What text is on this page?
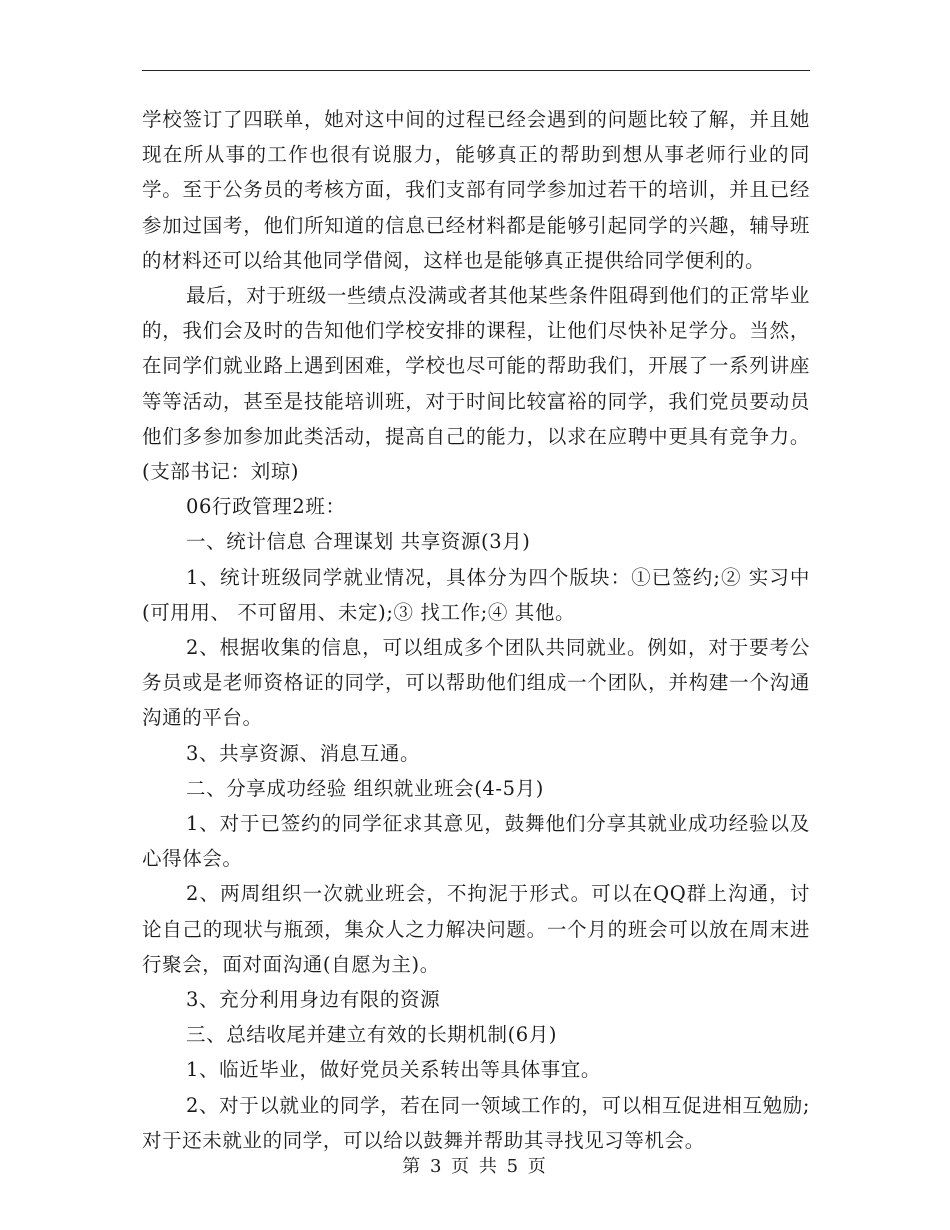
学校签订了四联单，她对这中间的过程已经会遇到的问题比较了解，并且她现在所从事的工作也很有说服力，能够真正的帮助到想从事老师行业的同学。至于公务员的考核方面，我们支部有同学参加过若干的培训，并且已经参加过国考，他们所知道的信息已经材料都是能够引起同学的兴趣，辅导班的材料还可以给其他同学借阅，这样也是能够真正提供给同学便利的。

最后，对于班级一些绩点没满或者其他某些条件阻碍到他们的正常毕业的，我们会及时的告知他们学校安排的课程，让他们尽快补足学分。当然，在同学们就业路上遇到困难，学校也尽可能的帮助我们，开展了一系列讲座等等活动，甚至是技能培训班，对于时间比较富裕的同学，我们党员要动员他们多参加参加此类活动，提高自己的能力，以求在应聘中更具有竞争力。(支部书记：刘琼)

06行政管理2班：

一、统计信息 合理谋划 共享资源(3月)

1、统计班级同学就业情况，具体分为四个版块：①已签约;② 实习中(可用用、 不可留用、未定);③ 找工作;④ 其他。

2、根据收集的信息，可以组成多个团队共同就业。例如，对于要考公务员或是老师资格证的同学，可以帮助他们组成一个团队，并构建一个沟通沟通的平台。

3、共享资源、消息互通。

二、分享成功经验 组织就业班会(4-5月)

1、对于已签约的同学征求其意见，鼓舞他们分享其就业成功经验以及心得体会。

2、两周组织一次就业班会，不拘泥于形式。可以在QQ群上沟通，讨论自己的现状与瓶颈，集众人之力解决问题。一个月的班会可以放在周末进行聚会，面对面沟通(自愿为主)。

3、充分利用身边有限的资源

三、总结收尾并建立有效的长期机制(6月)

1、临近毕业，做好党员关系转出等具体事宜。

2、对于以就业的同学，若在同一领域工作的，可以相互促进相互勉励;对于还未就业的同学，可以给以鼓舞并帮助其寻找见习等机会。

第 3 页 共 5 页
